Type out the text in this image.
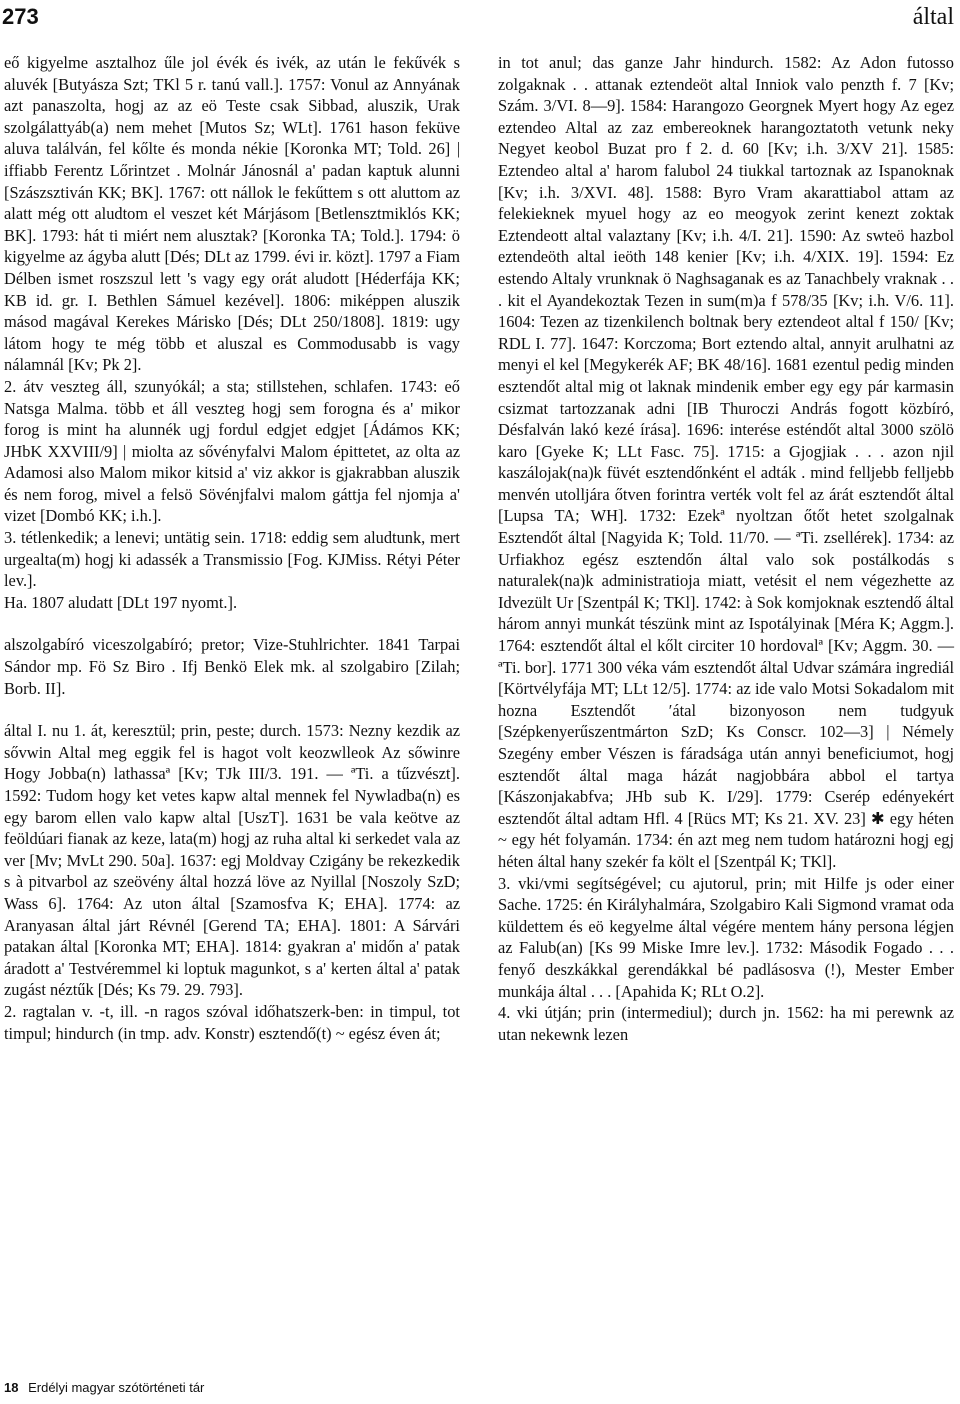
273	által

eő kigyelme asztalhoz űle jol évék és ivék, az után le fekűvék s aluvék [Butyásza Szt; TKl 5 r. tanú vall.]. 1757: Vonul az Annyának azt panaszolta, hogj az az eö Teste csak Sibbad, aluszik, Urak szolgálattyáb(a) nem mehet [Mutos Sz; WLt]. 1761 hason feküve aluva találván, fel kőlte és monda nékie [Koronka MT; Told. 26] | iffiabb Ferentz Lőrintzet . Molnár Jánosnál a' padan kaptuk alunni [Szászsztiván KK; BK]. 1767: ott nállok le fekűttem s ott aluttom az alatt még ott aludtom el veszet két Márjásom [Betlensztmiklós KK; BK]. 1793: hát ti miért nem alusztak? [Koronka TA; Told.]. 1794: ö kigyelme az ágyba alutt [Dés; DLt az 1799. évi ir. közt]. 1797 a Fiam Délben ismet roszszul lett 's vagy egy orát aludott [Héderfája KK; KB id. gr. I. Bethlen Sámuel kezével]. 1806: miképpen aluszik másod magával Kerekes Márisko [Dés; DLt 250/1808]. 1819: ugy látom hogy te még több et aluszal es Commodusabb is vagy nálamnál [Kv; Pk 2].

2. átv veszteg áll, szunyókál; a sta; stillstehen, schlafen. 1743: eő Natsga Malma. több et áll veszteg hogj sem forogna és a' mikor forog is mint ha alunnék ugj fordul edgjet edgjet [Ádámos KK; JHbK XXVIII/9] | miolta az sővényfalvi Malom épittetet, az olta az Adamosi also Malom mikor kitsid a' viz akkor is gjakrabban aluszik és nem forog, mivel a felsö Sövénjfalvi malom gáttja fel njomja a' vizet [Dombó KK; i.h.].

3. tétlenkedik; a lenevi; untätig sein. 1718: eddig sem aludtunk, mert urgealta(m) hogj ki adassék a Transmissio [Fog. KJMiss. Rétyi Péter lev.].

Ha. 1807 aludatt [DLt 197 nyomt.].

alszolgabíró viceszolgabíró; pretor; Vize-Stuhlrichter. 1841 Tarpai Sándor mp. Fö Sz Biro . Ifj Benkö Elek mk. al szolgabiro [Zilah; Borb. II].

által I. nu 1. át, keresztül; prin, peste; durch. 1573: Nezny kezdik az sővwin Altal meg eggik fel is hagot volt keozwlleok Az sőwinre Hogy Jobba(n) lathassaª [Kv; TJk III/3. 191. — ªTi. a tűzvészt]. 1592: Tudom hogy ket vetes kapw altal mennek fel Nywladba(n) es egy barom ellen valo kapw altal [UszT]. 1631 be vala keötve az feöldúari fianak az keze, lata(m) hogj az ruha altal ki serkedet vala az ver [Mv; MvLt 290. 50a]. 1637: egj Moldvay Czigány be rekezkedik s à pitvarbol az szeövény által hozzá löve az Nyillal [Noszoly SzD; Wass 6]. 1764: Az uton által [Szamosfva K; EHA]. 1774: az Aranyasan által járt Révnél [Gerend TA; EHA]. 1801: A Sárvári patakan által [Koronka MT; EHA]. 1814: gyakran a' midőn a' patak áradott a' Testvéremmel ki loptuk magunkot, s a' kerten által a' patak zugást néztűk [Dés; Ks 79. 29. 793].

2. ragtalan v. -t, ill. -n ragos szóval időhatszerk-ben: in timpul, tot timpul; hindurch (in tmp. adv. Konstr) esztendő(t) ~ egész éven át;

in tot anul; das ganze Jahr hindurch. 1582: Az Adon futosso zolgaknak . . attanak eztendeöt altal Inniok valo penzth f. 7 [Kv; Szám. 3/VI. 8—9]. 1584: Harangozo Georgnek Myert hogy Az egez eztendeo Altal az zaz embereoknek harangoztatoth vetunk neky Negyet keobol Buzat pro f 2. d. 60 [Kv; i.h. 3/XV 21]. 1585: Eztendeo altal a' harom falubol 24 tiukkal tartoznak az Ispanoknak [Kv; i.h. 3/XVI. 48]. 1588: Byro Vram akarattiabol attam az felekieknek myuel hogy az eo meogyok zerint kenezt zoktak Eztendeott altal valaztany [Kv; i.h. 4/I. 21]. 1590: Az swteö hazbol eztendeöth altal ieöth 148 kenier [Kv; i.h. 4/XIX. 19]. 1594: Ez estendo Altaly vrunknak ö Naghsaganak es az Tanachbely vraknak . . . kit el Ayandekoztak Tezen in sum(m)a f 578/35 [Kv; i.h. V/6. 11]. 1604: Tezen az tizenkilench boltnak bery eztendeot altal f 150/ [Kv; RDL I. 77]. 1647: Korczoma; Bort eztendo altal, annyit arulhatni az menyi el kel [Megykerék AF; BK 48/16]. 1681 ezentul pedig minden esztendőt altal mig ot laknak mindenik ember egy egy pár karmasin csizmat tartozzanak adni [IB Thuroczi András fogott közbíró, Désfalván lakó kezé írása]. 1696: interése esténdőt altal 3000 szölö karo [Gyeke K; LLt Fasc. 75]. 1715: a Gjogjiak . . . azon njil kaszálojak(na)k füvét esztendőnként el adták . mind felljebb felljebb menvén utolljára őtven forintra verték volt fel az árát esztendőt által [Lupsa TA; WH]. 1732: Ezekª nyoltzan őtőt hetet szolgalnak Esztendőt által [Nagyida K; Told. 11/70. — ªTi. zsellérek]. 1734: az Urfiakhoz egész esztendőn által valo sok postálkodás s naturalek(na)k administratioja miatt, vetésit el nem végezhette az Idvezült Ur [Szentpál K; TKl]. 1742: à Sok komjoknak esztendő által három annyi munkát tészünk mint az Ispotályinak [Méra K; Aggm.]. 1764: esztendőt által el kőlt circiter 10 hordovalª [Kv; Aggm. 30. — ªTi. bor]. 1771 300 véka vám esztendőt által Udvar számára ingrediál [Körtvélyfája MT; LLt 12/5]. 1774: az ide valo Motsi Sokadalom mit hozna Esztendőt ′átal bizonyoson nem tudgyuk [Szépkenyerűszentmárton SzD; Ks Conscr. 102—3] | Némely Szegény ember Vészen is fáradsága után annyi beneficiumot, hogj esztendőt által maga házát nagjobbára abbol el tartya [Kászonjakabfva; JHb sub K. I/29]. 1779: Cserép edényekért esztendőt által adtam Hfl. 4 [Rücs MT; Ks 21. XV. 23] ✱ egy héten ~ egy hét folyamán. 1734: én azt meg nem tudom határozni hogj egj héten által hany szekér fa költ el [Szentpál K; TKl].

3. vki/vmi segítségével; cu ajutorul, prin; mit Hilfe js oder einer Sache. 1725: én Királyhalmára, Szolgabiro Kali Sigmond vramat oda küldettem és eö kegyelme által végére mentem hány persona légjen az Falub(an) [Ks 99 Miske Imre lev.]. 1732: Második Fogado . . . fenyő deszkákkal gerendákkal bé padlásosva (!), Mester Ember munkája által . . . [Apahida K; RLt O.2].

4. vki útján; prin (intermediul); durch jn. 1562: ha mi perewnk az utan nekewnk lezen

18 Erdélyi magyar szótörténeti tár
